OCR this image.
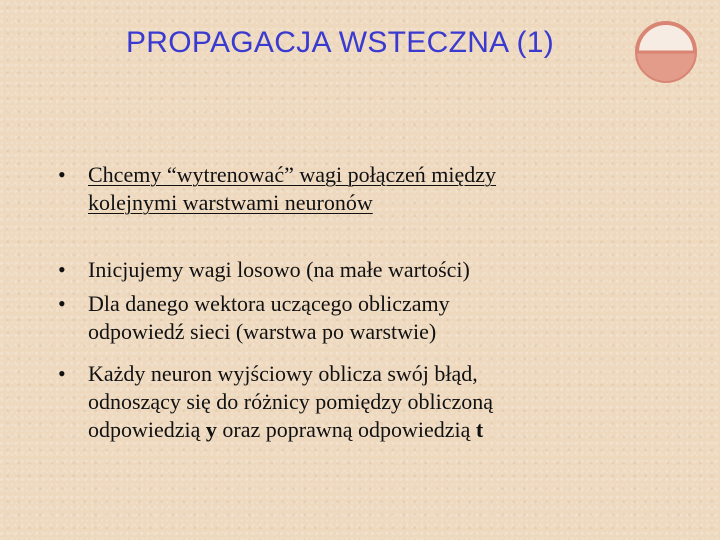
PROPAGACJA WSTECZNA (1)
•	Chcemy “wytrenować” wagi połączeń między
kolejnymi warstwami neuronów
•	Inicjujemy wagi losowo (na małe wartości)
•	Dla danego wektora uczącego obliczamy
odpowiedź sieci (warstwa po warstwie)
•	Każdy neuron wyjściowy oblicza swój błąd,
odnoszący się do różnicy pomiędzy obliczoną
odpowiedzią y oraz poprawną odpowiedzią t
